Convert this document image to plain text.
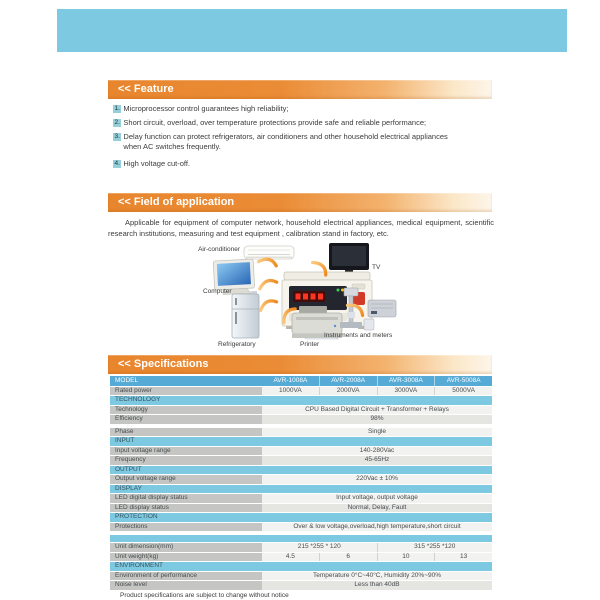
<< Feature
1. Microprocessor control guarantees high reliability;
2. Short circuit, overload, over temperature protections provide safe and reliable performance;
3. Delay function can protect refrigerators, air conditioners and other household electrical appliances when AC switches frequently.
4. High voltage cut-off.
<< Field of application
Applicable for equipment of computer network, household electrical appliances, medical equipment, scientific research institutions, measuring and test equipment , calibration stand in factory, etc.
Air-conditioner
TV
Computer
Refrigeratory	Printer
Instruments and meters
<< Specifications
MODEL	AVR-1008A	AVR-2008A	AVR-3008A	AVR-5008A
Rated power	1000VA	2000VA	3000VA	5000VA
TECHNOLOGY
Technology	CPU Based Digital Circuit + Transformer + Relays
Efficiency	98%
Phase	Single
INPUT
Input voltage range	140-280Vac
Frequency	45-65Hz
OUTPUT
Output voltage range	220Vac ± 10%
DISPLAY
LED digital display status	Input voltage, output voltage
LED display status	Normal, Delay, Fault
PROTECTION
Protections	Over & low voltage,overload,high temperature,short circuit
Unit dimension(mm)	215 *255 * 120	315 *255 *120
Unit weight(kg)	4.5	6	10	13
ENVIRONMENT
Environment of performance	Temperature 0°C~40°C, Humidity 20%~90%
Noise level	Less than 40dB
Product specifications are subject to change without notice
